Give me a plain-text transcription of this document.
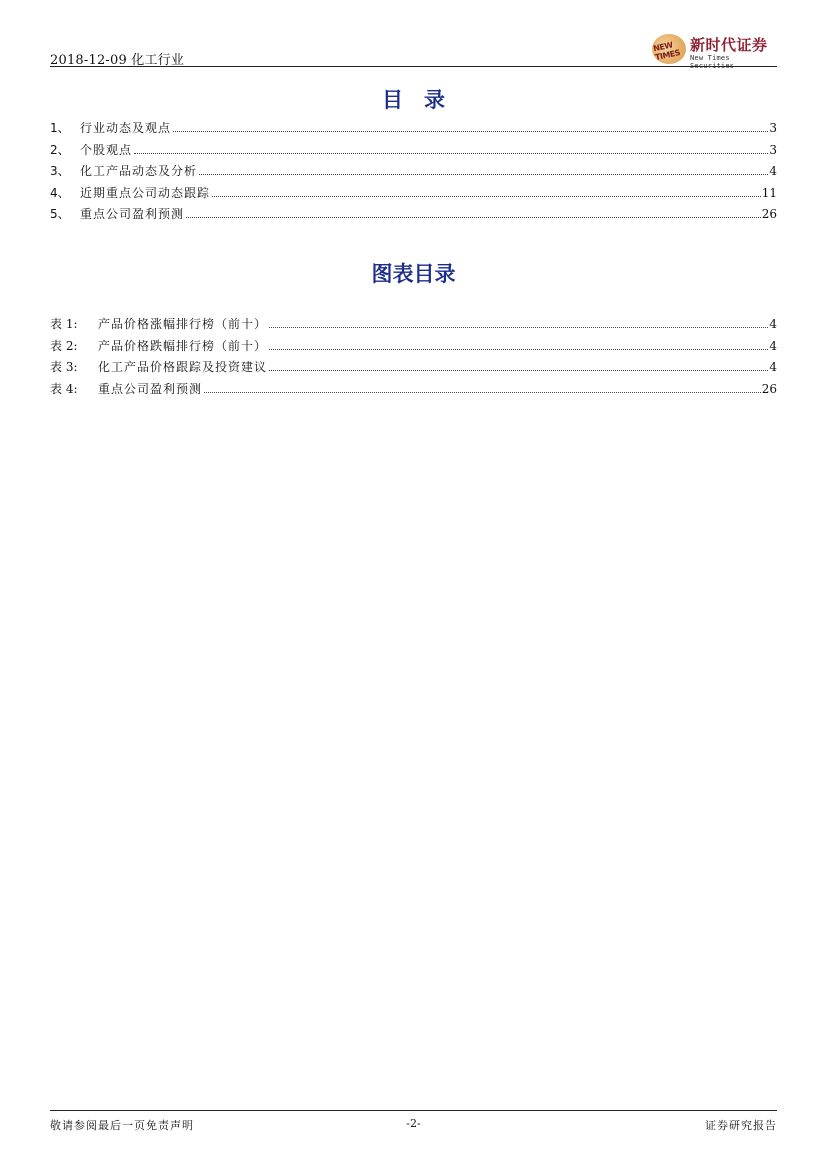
2018-12-09 化工行业
NEW TIMES
新时代证券
New Times Securities
目　录
1、 行业动态及观点	3
2、 个股观点	3
3、 化工产品动态及分析	4
4、 近期重点公司动态跟踪	11
5、 重点公司盈利预测	26
图表目录
表 1:	产品价格涨幅排行榜（前十）	4
表 2:	产品价格跌幅排行榜（前十）	4
表 3:	化工产品价格跟踪及投资建议	4
表 4:	重点公司盈利预测	26
敬请参阅最后一页免责声明	-2-	证券研究报告
